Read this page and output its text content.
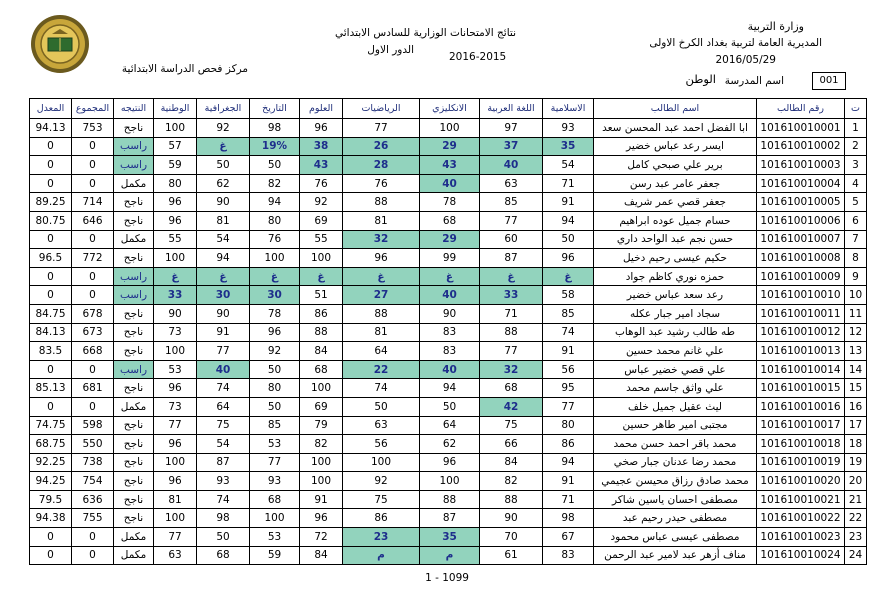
وزارة التربية
المديرية العامة لتربية بغداد الكرخ الاولى
2016/05/29
اسم المدرسة
الوطن	001
نتائج الامتحانات الوزارية للسادس الابتدائي
الدور الاول
2016-2015
مركز فحص الدراسة الابتدائية
ت	رقم الطالب	اسم الطالب	الاسلامية	اللغة العربية	الانكليزي	الرياضيات	العلوم	التاريخ	الجغرافية	الوطنية	النتيجه	المجموع	المعدل
1	101610010001	ابا الفضل احمد عبد المحسن سعد	93	97	100	77	96	98	92	100	ناجح	753	94.13
2	101610010002	ايسر رعد عباس خضير	35	37	29	26	38	19%	غ	57	راسب	0	0
3	101610010003	برير علي صبحي كامل	54	40	43	28	43	50	50	59	راسب	0	0
4	101610010004	جعفر عامر عبد رسن	71	63	40	76	76	82	62	80	مكمل	0	0
5	101610010005	جعفر قصي عمر شريف	91	85	78	88	92	94	90	96	ناجح	714	89.25
6	101610010006	حسام جميل عوده ابراهيم	94	77	68	81	69	80	81	96	ناجح	646	80.75
7	101610010007	حسن نجم عبد الواحد داري	50	60	29	32	55	76	54	55	مكمل	0	0
8	101610010008	حكيم عيسى رحيم دخيل	96	87	99	96	100	100	94	100	ناجح	772	96.5
9	101610010009	حمزه نوري كاظم جواد	غ	غ	غ	غ	غ	غ	غ	غ	راسب	0	0
10	101610010010	رعد سعد عباس خضير	58	33	40	27	51	30	30	33	راسب	0	0
11	101610010011	سجاد امير جبار عكله	85	71	90	88	86	78	90	90	ناجح	678	84.75
12	101610010012	طه طالب رشيد عبد الوهاب	74	88	83	81	88	96	91	73	ناجح	673	84.13
13	101610010013	علي غانم محمد حسين	91	77	83	64	84	92	77	100	ناجح	668	83.5
14	101610010014	علي قصي خضير عباس	56	32	40	22	68	50	40	53	راسب	0	0
15	101610010015	علي واثق جاسم محمد	95	68	94	74	100	80	74	96	ناجح	681	85.13
16	101610010016	ليث عقيل جميل خلف	77	42	50	50	69	50	64	73	مكمل	0	0
17	101610010017	مجتبى امير طاهر حسين	80	75	64	63	79	85	75	77	ناجح	598	74.75
18	101610010018	محمد باقر احمد حسن محمد	86	66	62	56	82	53	54	96	ناجح	550	68.75
19	101610010019	محمد رضا عدنان جبار صخي	94	84	96	100	100	77	87	100	ناجح	738	92.25
20	101610010020	محمد صادق رزاق محيسن عجيمي	91	82	100	92	100	93	93	96	ناجح	754	94.25
21	101610010021	مصطفى احسان ياسين شاكر	71	88	88	75	91	68	74	81	ناجح	636	79.5
22	101610010022	مصطفى حيدر رحيم عبد	98	90	87	86	96	100	98	100	ناجح	755	94.38
23	101610010023	مصطفى عيسى عباس محمود	67	70	35	23	72	53	50	77	مكمل	0	0
24	101610010024	مناف أزهر عبد لامير عبد الرحمن	83	61	م	م	84	59	68	63	مكمل	0	0
1 - 1099
